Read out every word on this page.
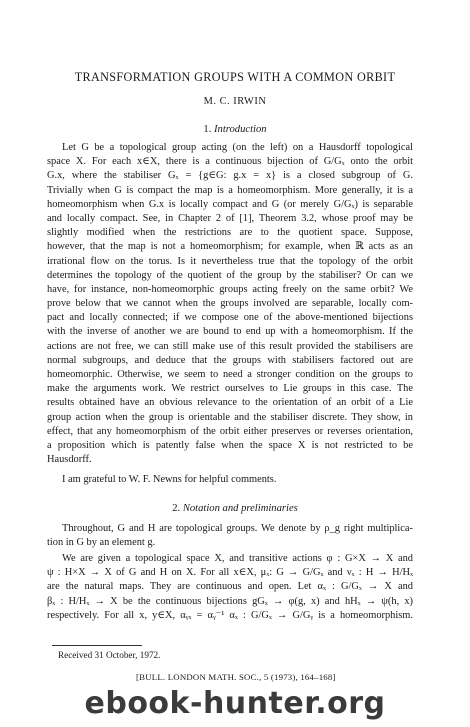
TRANSFORMATION GROUPS WITH A COMMON ORBIT
M. C. IRWIN
1. Introduction
Let G be a topological group acting (on the left) on a Hausdorff topological
space X. For each x∈X, there is a continuous bijection of G/Gₓ onto the orbit
G.x, where the stabiliser Gₓ = {g∈G: g.x = x} is a closed subgroup of G.
Trivially when G is compact the map is a homeomorphism. More generally, it is a
homeomorphism when G.x is locally compact and G (or merely G/Gₓ) is separable
and locally compact. See, in Chapter 2 of [1], Theorem 3.2, whose proof may be
slightly modified when the restrictions are to the quotient space. Suppose,
however, that the map is not a homeomorphism; for example, when ℝ acts as an
irrational flow on the torus. Is it nevertheless true that the topology of the orbit
determines the topology of the quotient of the group by the stabiliser? Or can we
have, for instance, non-homeomorphic groups acting freely on the same orbit? We
prove below that we cannot when the groups involved are separable, locally com-
pact and locally connected; if we compose one of the above-mentioned bijections
with the inverse of another we are bound to end up with a homeomorphism. If the
actions are not free, we can still make use of this result provided the stabilisers are
normal subgroups, and deduce that the groups with stabilisers factored out are
homeomorphic. Otherwise, we seem to need a stronger condition on the groups to
make the arguments work. We restrict ourselves to Lie groups in this case. The
results obtained have an obvious relevance to the orientation of an orbit of a Lie
group action when the group is orientable and the stabiliser discrete. They show, in
effect, that any homeomorphism of the orbit either preserves or reverses orientation,
a proposition which is patently false when the space X is not restricted to be
Hausdorff.
I am grateful to W. F. Newns for helpful comments.
2. Notation and preliminaries
Throughout, G and H are topological groups. We denote by ρ_g right multiplica-
tion in G by an element g.
We are given a topological space X, and transitive actions φ : G×X → X and
ψ : H×X → X of G and H on X. For all x∈X, μₓ: G → G/Gₓ and νₓ : H → H/Hₓ
are the natural maps. They are continuous and open. Let αₓ : G/Gₓ → X and
βₓ : H/Hₓ → X be the continuous bijections gGₓ → φ(g, x) and hHₓ → ψ(h, x)
respectively. For all x, y∈X, αᵧₓ = αᵧ⁻¹ αₓ : G/Gₓ → G/Gᵧ is a homeomorphism.
Received 31 October, 1972.
[BULL. LONDON MATH. SOC., 5 (1973), 164–168]
ebook-hunter.org
